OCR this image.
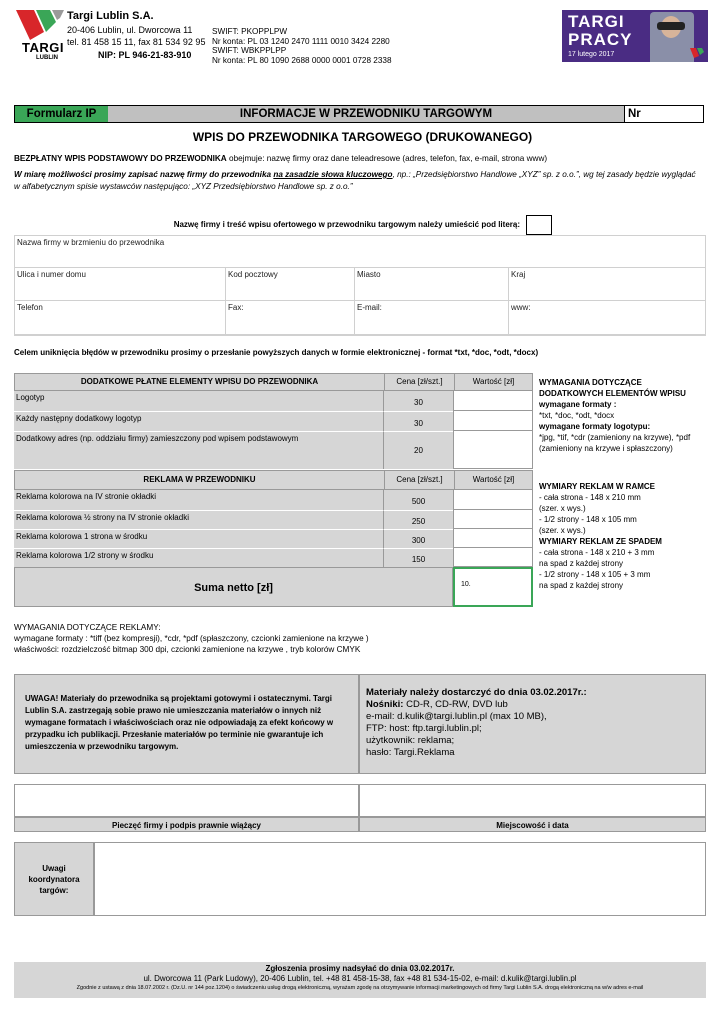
TARGI
LUBLIN
Targi Lublin S.A.
20-406 Lublin, ul. Dworcowa 11
tel. 81 458 15 11, fax 81 534 92 95
NIP: PL 946-21-83-910
SWIFT: PKOPPLPW
Nr konta: PL 03 1240 2470 1111 0010 3424 2280
SWIFT: WBKPPLPP
Nr konta: PL 80 1090 2688 0000 0001 0728 2338
TARGI
PRACY
17 lutego 2017
Formularz IP	INFORMACJE W PRZEWODNIKU TARGOWYM	Nr
WPIS DO PRZEWODNIKA TARGOWEGO (DRUKOWANEGO)
BEZPŁATNY WPIS PODSTAWOWY DO PRZEWODNIKA obejmuje: nazwę firmy oraz dane teleadresowe (adres, telefon, fax, e-mail, strona www)
W miarę możliwości prosimy zapisać nazwę firmy do przewodnika na zasadzie słowa kluczowego, np.: „Przedsiębiorstwo Handlowe „XYZ” sp. z o.o.”, wg tej zasady będzie wyglądać
w alfabetycznym spisie wystawców następująco: „XYZ Przedsiębiorstwo Handlowe sp. z o.o.”
Nazwę firmy i treść wpisu ofertowego w przewodniku targowym należy umieścić pod literą:
Nazwa firmy w brzmieniu do przewodnika
Ulica i numer domu	Kod pocztowy	Miasto	Kraj
Telefon	Fax:	E-mail:	www:
Celem uniknięcia błędów w przewodniku prosimy o przesłanie powyższych danych w formie elektronicznej - format *txt, *doc, *odt, *docx)
DODATKOWE PŁATNE ELEMENTY WPISU DO PRZEWODNIKA	Cena [zł/szt.]	Wartość [zł]
Logotyp
30
Każdy następny dodatkowy logotyp
30
Dodatkowy adres (np. oddziału firmy) zamieszczony pod wpisem podstawowym
20
REKLAMA W PRZEWODNIKU	Cena [zł/szt.]	Wartość [zł]
Reklama kolorowa na IV stronie okładki
500
Reklama kolorowa ½ strony na IV stronie okładki	250
Reklama kolorowa 1 strona w środku	300
Reklama kolorowa 1/2 strony w środku	150
Suma netto [zł]	10.
WYMAGANIA DOTYCZĄCE
DODATKOWYCH ELEMENTÓW WPISU
wymagane formaty :
*txt, *doc, *odt, *docx
wymagane formaty logotypu:
*jpg, *tif, *cdr (zamieniony na krzywe), *pdf
(zamieniony na krzywe i spłaszczony)
WYMIARY REKLAM W RAMCE
- cała strona - 148 x 210 mm
(szer. x wys.)
- 1/2 strony - 148 x 105 mm
(szer. x wys.)
WYMIARY REKLAM ZE SPADEM
- cała strona - 148 x 210 + 3 mm
na spad z każdej strony
- 1/2 strony - 148 x 105 + 3 mm
na spad z każdej strony
WYMAGANIA DOTYCZĄCE REKLAMY:
wymagane formaty : *tiff (bez kompresji), *cdr, *pdf (spłaszczony, czcionki zamienione na krzywe )
właściwości: rozdzielczość bitmap 300 dpi, czcionki zamienione na krzywe , tryb kolorów CMYK
UWAGA! Materiały do przewodnika są projektami gotowymi i ostatecznymi. Targi Lublin S.A. zastrzegają sobie prawo nie umieszczania materiałów o innych niż wymagane formatach i właściwościach oraz nie odpowiadają za efekt końcowy w przypadku ich publikacji. Przesłanie materiałów po terminie nie gwarantuje ich umieszczenia w przewodniku targowym.
Materiały należy dostarczyć do dnia 03.02.2017r.:
Nośniki: CD-R, CD-RW, DVD lub
e-mail: d.kulik@targi.lublin.pl (max 10 MB),
FTP: host: ftp.targi.lublin.pl;
użytkownik: reklama;
hasło: Targi.Reklama
Pieczęć firmy i podpis prawnie wiążący	Miejscowość i data
Uwagi koordynatora targów:
Zgłoszenia prosimy nadsyłać do dnia 03.02.2017r.
ul. Dworcowa 11 (Park Ludowy), 20-406 Lublin, tel. +48 81 458-15-38, fax +48 81 534-15-02, e-mail: d.kulik@targi.lublin.pl
Zgodnie z ustawą z dnia 18.07.2002 r. (Dz.U. nr 144 poz.1204) o świadczeniu usług drogą elektroniczną, wyrażam zgodę na otrzymywanie informacji marketingowych od firmy Targi Lublin S.A. drogą elektroniczną na w/w adres e-mail
